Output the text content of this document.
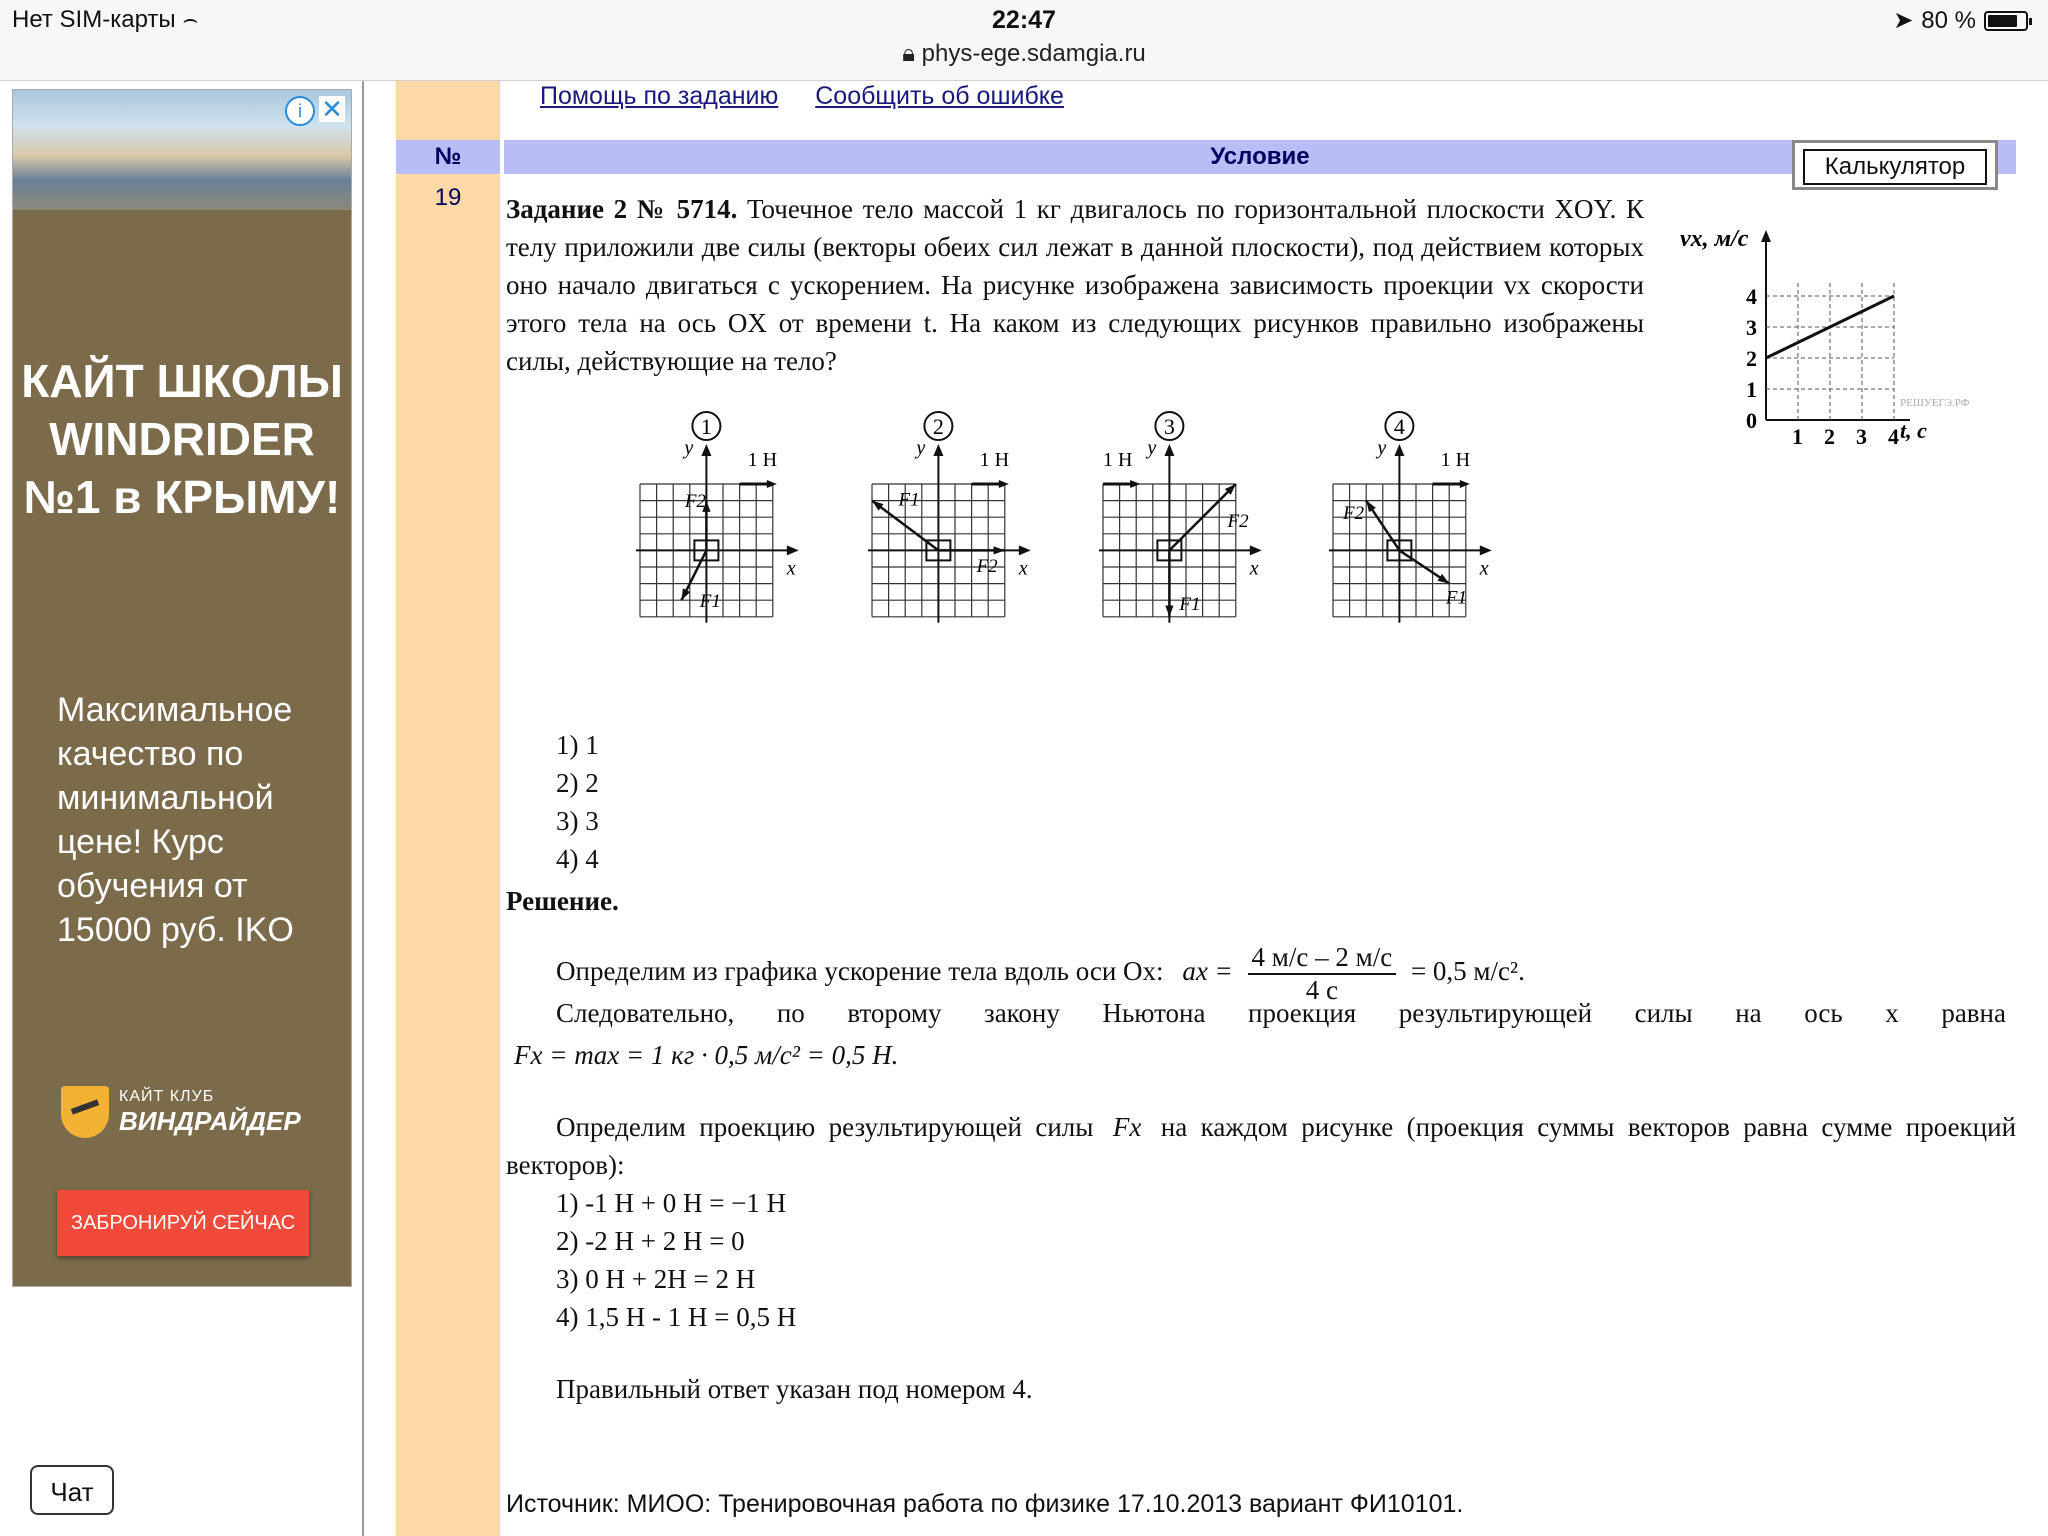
Нет SIM-карты ⌢	22:47
🔒︎ phys-ege.sdamgia.ru
➤ 80 %
i ✕
КАЙТ ШКОЛЫ WINDRIDER №1 в КРЫМУ!
Максимальное качество по минимальной цене! Курс обучения от 15000 руб. IKO
КАЙТ КЛУБ
ВИНДРАЙДЕР
ЗАБРОНИРУЙ СЕЙЧАС
Чат
Помощь по заданию Сообщить об ошибке
№	Условие	Калькулятор
19	Задание 2 № 5714. Точечное тело массой 1 кг двигалось по горизонтальной плоскости XOY. К телу приложили две силы (векторы обеих сил лежат в данной плоскости), под действием которых оно начало двигаться с ускорением. На рисунке изображена зависимость проекции vx скорости этого тела на ось OX от времени t. На каком из следующих рисунков правильно изображены силы, действующие на тело?
vx, м/с
0
1
2
3
4
1 2 3 4 t, c
РЕШУЕГЭ.РФ
1
x
y
1 Н
F1
F2
2
x
y
1 Н
F1
F2
3
x
y
1 Н
F1
F2
4
x
y
1 Н
F1
F2
1) 1
2) 2
3) 3
4) 4
Решение.
Определим из графика ускорение тела вдоль оси Ox: ax = $\frac{4 м/с - 2 м/с}{4 с} = 0,5$ м/с².
Следовательно, по второму закону Ньютона проекция результирующей силы на ось x равна
Fx = max = 1 кг · 0,5 м/с² = 0,5 Н.
Определим проекцию результирующей силы Fx на каждом рисунке (проекция суммы векторов равна сумме проекций векторов):
1) -1 Н + 0 Н = −1 Н
2) -2 Н + 2 Н = 0
3) 0 Н + 2Н = 2 Н
4) 1,5 Н - 1 Н = 0,5 Н
Правильный ответ указан под номером 4.
Источник: МИОО: Тренировочная работа по физике 17.10.2013 вариант ФИ10101.
